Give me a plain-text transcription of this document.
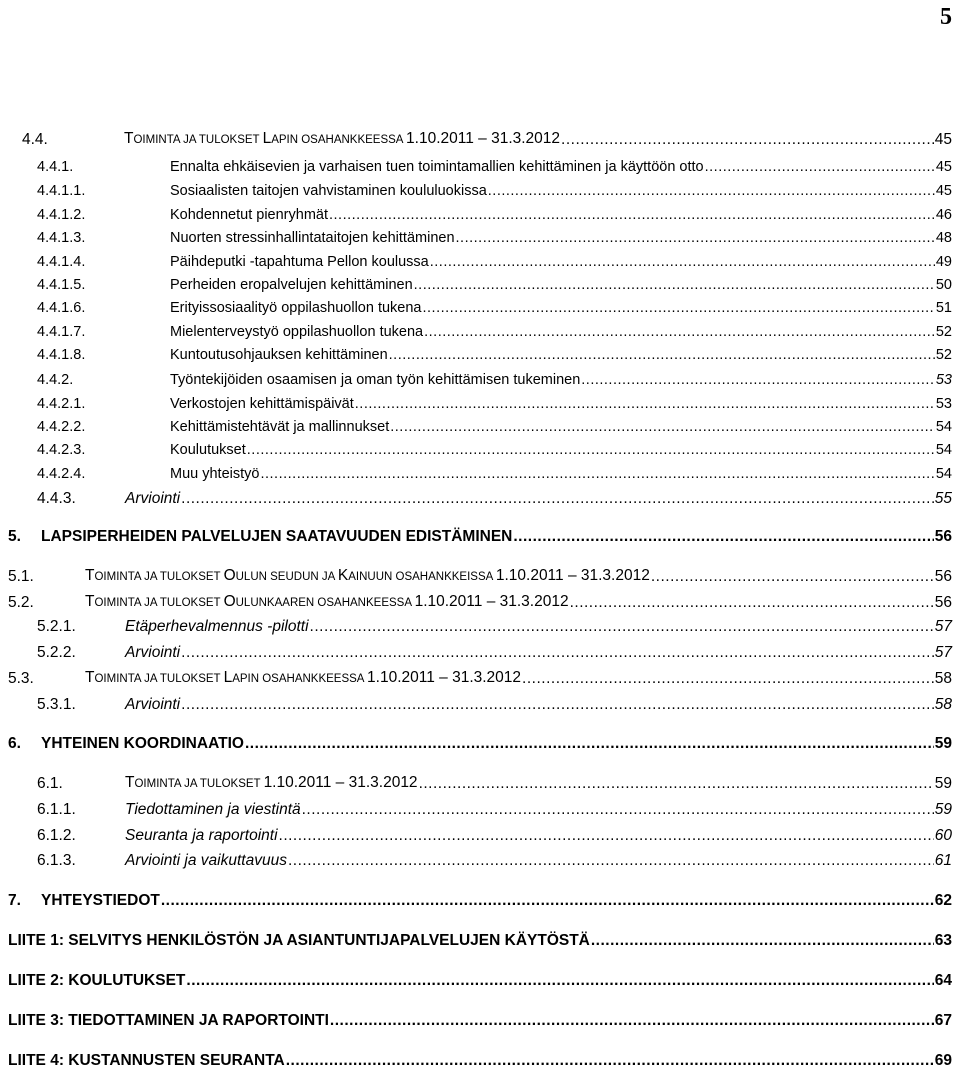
5
4.4.	TOIMINTA JA TULOKSET LAPIN OSAHANKKEESSA 1.10.2011 – 31.3.2012 .....	45
4.4.1.	Ennalta ehkäisevien ja varhaisen tuen toimintamallien kehittäminen ja käyttöön otto .....	45
4.4.1.1.	Sosiaalisten taitojen vahvistaminen koululuokissa .....	45
4.4.1.2.	Kohdennetut pienryhmät .....	46
4.4.1.3.	Nuorten stressinhallintataitojen kehittäminen .....	48
4.4.1.4.	Päihdeputki -tapahtuma Pellon koulussa .....	49
4.4.1.5.	Perheiden eropalvelujen kehittäminen .....	50
4.4.1.6.	Erityissosiaalityö oppilashuollon tukena .....	51
4.4.1.7.	Mielenterveystyö oppilashuollon tukena .....	52
4.4.1.8.	Kuntoutusohjauksen kehittäminen .....	52
4.4.2.	Työntekijöiden osaamisen ja oman työn kehittämisen tukeminen .....	53
4.4.2.1.	Verkostojen kehittämispäivät .....	53
4.4.2.2.	Kehittämistehtävät ja mallinnukset .....	54
4.4.2.3.	Koulutukset .....	54
4.4.2.4.	Muu yhteistyö .....	54
4.4.3.	Arviointi .....	55
5.	LAPSIPERHEIDEN PALVELUJEN SAATAVUUDEN EDISTÄMINEN .....	56
5.1.	TOIMINTA JA TULOKSET OULUN SEUDUN JA KAINUUN OSAHANKKEISSA 1.10.2011 – 31.3.2012 .....	56
5.2.	TOIMINTA JA TULOKSET OULUNKAAREN OSAHANKEESSA 1.10.2011 – 31.3.2012 .....	56
5.2.1.	Etäperhevalmennus -pilotti .....	57
5.2.2.	Arviointi .....	57
5.3.	TOIMINTA JA TULOKSET LAPIN OSAHANKKEESSA 1.10.2011 – 31.3.2012 .....	58
5.3.1.	Arviointi .....	58
6.	YHTEINEN KOORDINAATIO .....	59
6.1.	TOIMINTA JA TULOKSET 1.10.2011 – 31.3.2012 .....	59
6.1.1.	Tiedottaminen ja viestintä .....	59
6.1.2.	Seuranta ja raportointi .....	60
6.1.3.	Arviointi ja vaikuttavuus .....	61
7.	YHTEYSTIEDOT .....	62
LIITE 1: SELVITYS HENKILÖSTÖN JA ASIANTUNTIJAPALVELUJEN KÄYTÖSTÄ .....	63
LIITE 2: KOULUTUKSET .....	64
LIITE 3: TIEDOTTAMINEN JA RAPORTOINTI .....	67
LIITE 4: KUSTANNUSTEN SEURANTA .....	69
